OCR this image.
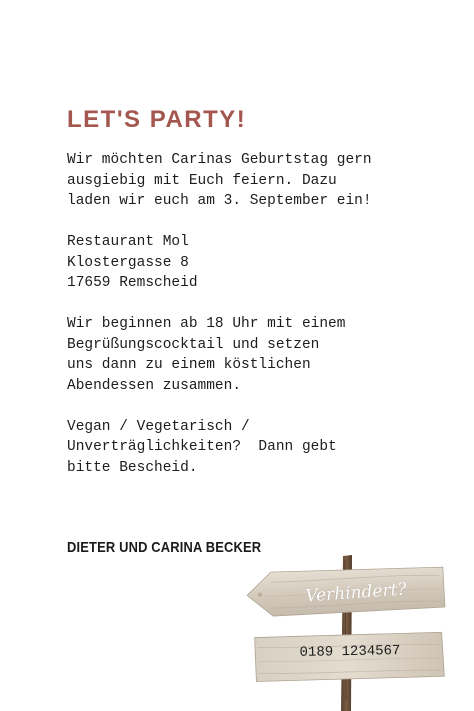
LET'S PARTY!

Wir möchten Carinas Geburtstag gern
ausgiebig mit Euch feiern. Dazu
laden wir euch am 3. September ein!

Restaurant Mol
Klostergasse 8
17659 Remscheid

Wir beginnen ab 18 Uhr mit einem
Begrüßungscocktail und setzen
uns dann zu einem köstlichen
Abendessen zusammen.

Vegan / Vegetarisch /
Unverträglichkeiten?  Dann gebt
bitte Bescheid.

DIETER UND CARINA BECKER
Verhindert?
0189 1234567
